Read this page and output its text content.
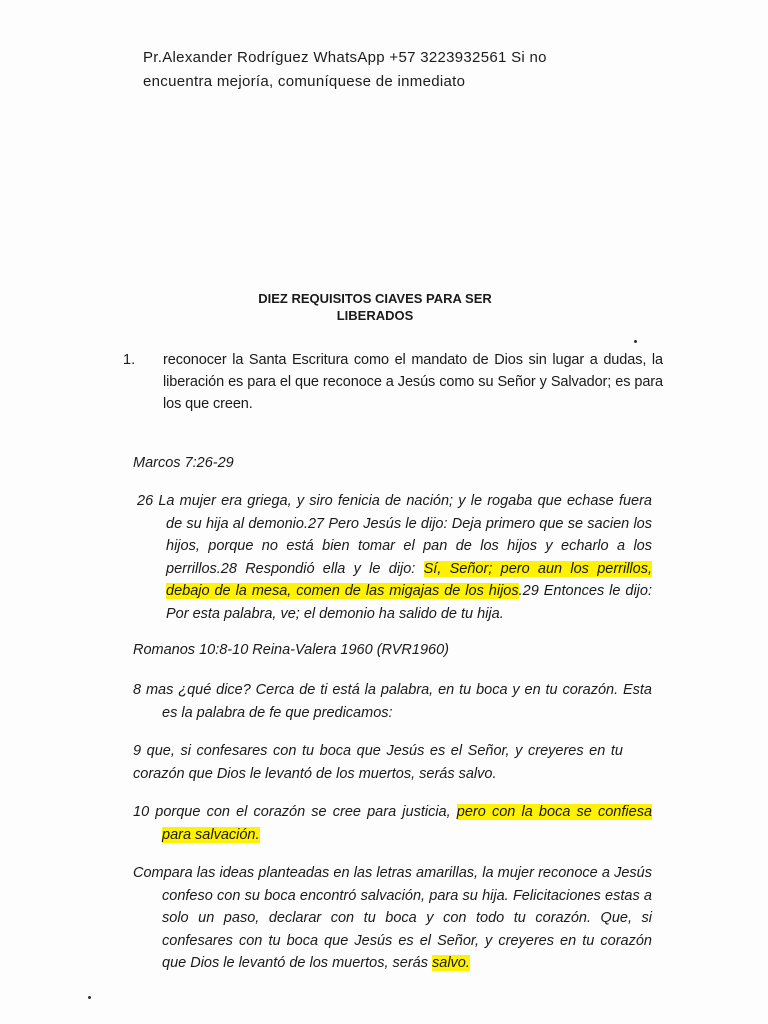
Pr.Alexander Rodríguez WhatsApp +57 3223932561 Si no
encuentra mejoría, comuníquese de inmediato
DIEZ REQUISITOS CIAVES PARA SER
LIBERADOS
1. reconocer la Santa Escritura como el mandato de Dios sin lugar a dudas, la liberación es para el que reconoce a Jesús como su Señor y Salvador; es para los que creen.
Marcos 7:26-29
26 La mujer era griega, y siro fenicia de nación; y le rogaba que echase fuera de su hija al demonio.27 Pero Jesús le dijo: Deja primero que se sacien los hijos, porque no está bien tomar el pan de los hijos y echarlo a los perrillos.28 Respondió ella y le dijo: Sí, Señor; pero aun los perrillos, debajo de la mesa, comen de las migajas de los hijos.29 Entonces le dijo: Por esta palabra, ve; el demonio ha salido de tu hija.
Romanos 10:8-10 Reina-Valera 1960 (RVR1960)
8 mas ¿qué dice? Cerca de ti está la palabra, en tu boca y en tu corazón. Esta es la palabra de fe que predicamos:
9 que, si confesares con tu boca que Jesús es el Señor, y creyeres en tu corazón que Dios le levantó de los muertos, serás salvo.
10 porque con el corazón se cree para justicia, pero con la boca se confiesa para salvación.
Compara las ideas planteadas en las letras amarillas, la mujer reconoce a Jesús confeso con su boca encontró salvación, para su hija. Felicitaciones estas a solo un paso, declarar con tu boca y con todo tu corazón. Que, si confesares con tu boca que Jesús es el Señor, y creyeres en tu corazón que Dios le levantó de los muertos, serás salvo.
